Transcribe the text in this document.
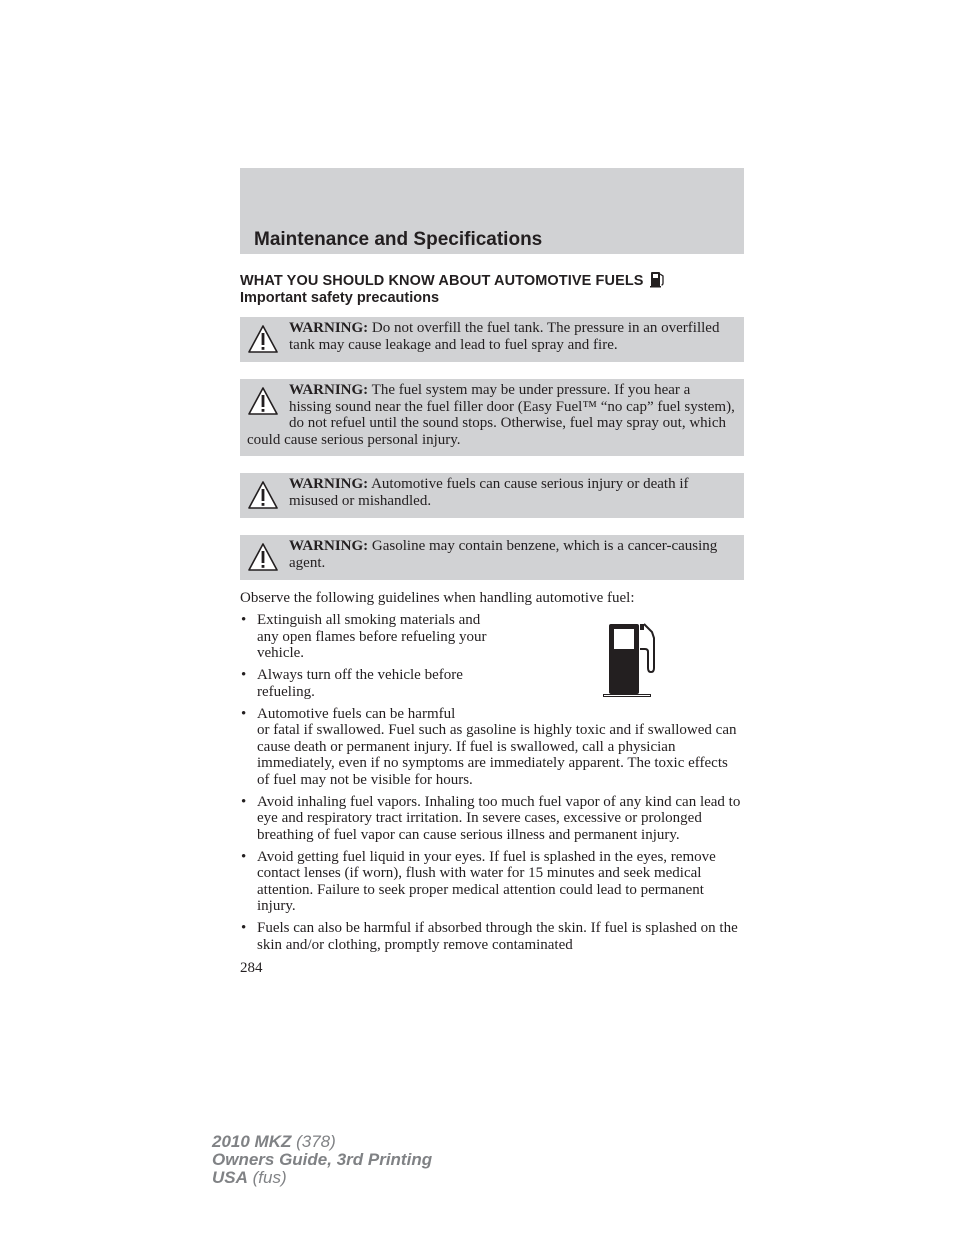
Maintenance and Specifications
WHAT YOU SHOULD KNOW ABOUT AUTOMOTIVE FUELS
Important safety precautions
WARNING: Do not overfill the fuel tank. The pressure in an overfilled tank may cause leakage and lead to fuel spray and fire.
WARNING: The fuel system may be under pressure. If you hear a hissing sound near the fuel filler door (Easy Fuel™ “no cap” fuel system), do not refuel until the sound stops. Otherwise, fuel may spray out, which could cause serious personal injury.
WARNING: Automotive fuels can cause serious injury or death if misused or mishandled.
WARNING: Gasoline may contain benzene, which is a cancer-causing agent.

Observe the following guidelines when handling automotive fuel:

• Extinguish all smoking materials and any open flames before refueling your vehicle.
• Always turn off the vehicle before refueling.
• Automotive fuels can be harmful
or fatal if swallowed. Fuel such as gasoline is highly toxic and if swallowed can cause death or permanent injury. If fuel is swallowed, call a physician immediately, even if no symptoms are immediately apparent. The toxic effects of fuel may not be visible for hours.
• Avoid inhaling fuel vapors. Inhaling too much fuel vapor of any kind can lead to eye and respiratory tract irritation. In severe cases, excessive or prolonged breathing of fuel vapor can cause serious illness and permanent injury.
• Avoid getting fuel liquid in your eyes. If fuel is splashed in the eyes, remove contact lenses (if worn), flush with water for 15 minutes and seek medical attention. Failure to seek proper medical attention could lead to permanent injury.
• Fuels can also be harmful if absorbed through the skin. If fuel is splashed on the skin and/or clothing, promptly remove contaminated
284
2010 MKZ (378)
Owners Guide, 3rd Printing
USA (fus)
